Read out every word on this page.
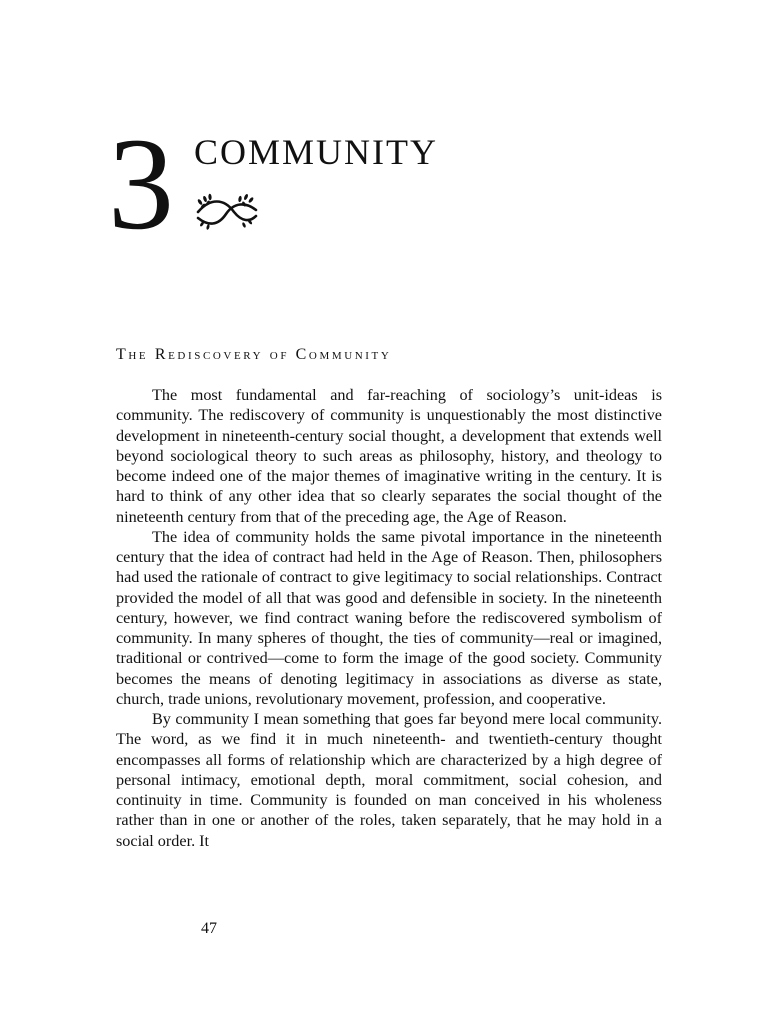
3 COMMUNITY
The Rediscovery of Community

The most fundamental and far-reaching of sociology’s unit-ideas is community. The rediscovery of community is unquestionably the most distinctive development in nineteenth-century social thought, a development that extends well beyond sociological theory to such areas as philosophy, history, and theology to become indeed one of the major themes of imaginative writing in the century. It is hard to think of any other idea that so clearly separates the social thought of the nineteenth century from that of the preceding age, the Age of Reason.

The idea of community holds the same pivotal importance in the nineteenth century that the idea of contract had held in the Age of Reason. Then, philosophers had used the rationale of contract to give legitimacy to social relationships. Contract provided the model of all that was good and defensible in society. In the nineteenth century, however, we find contract waning before the rediscovered symbolism of community. In many spheres of thought, the ties of community—real or imagined, traditional or contrived—come to form the image of the good society. Community becomes the means of denoting legitimacy in associations as diverse as state, church, trade unions, revolutionary movement, profession, and cooperative.

By community I mean something that goes far beyond mere local community. The word, as we find it in much nineteenth- and twentieth-century thought encompasses all forms of relationship which are characterized by a high degree of personal intimacy, emotional depth, moral commitment, social cohesion, and continuity in time. Community is founded on man conceived in his wholeness rather than in one or another of the roles, taken separately, that he may hold in a social order. It

47
